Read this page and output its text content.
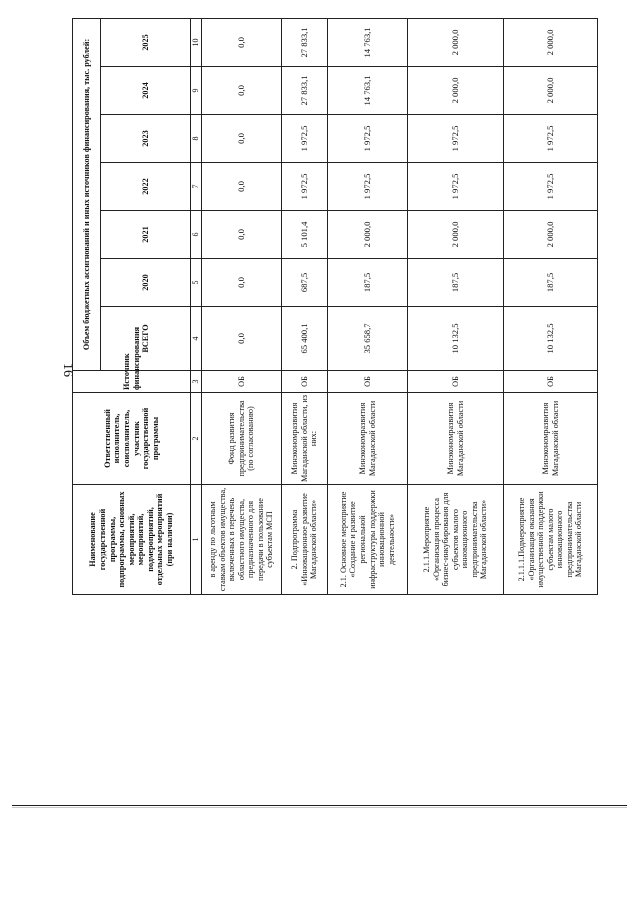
16
Наименование государственной программы, подпрограммы, основных мероприятий, мероприятий, подмероприятий, отдельных мероприятий (при наличии)	Ответственный исполнитель, соисполнитель, участник государственной программы	Источник финансирования	Объем бюджетных ассигнований и иных источников финансирования, тыс. рублей:						
			ВСЕГО	2020	2021	2022	2023	2024	2025
1	2	3	4	5	6	7	8	9	10
в аренду по льготным ставкам объектов имущества, включенных в перечень областного имущества, предназначенного для передачи в пользование субъектам МСП	Фонд развития предпринимательства (по согласованию)	ОБ	0,0	0,0	0,0	0,0	0,0	0,0	0,0
2. Подпрограмма «Инновационное развитие Магаданской области»	Минэкономразвития Магаданской области, из них:	ОБ	65 400,1	687,5	5 101,4	1 972,5	1 972,5	27 833,1	27 833,1
2.1. Основное мероприятие «Создание и развитие региональной инфраструктуры поддержки инновационной деятельности»	Минэкономразвития Магаданской области	ОБ	35 658,7	187,5	2 000,0	1 972,5	1 972,5	14 763,1	14 763,1
2.1.1.Мероприятие «Организация процесса бизнес-инкубирования для субъектов малого инновационного предпринимательства Магаданской области»	Минэкономразвития Магаданской области	ОБ	10 132,5	187,5	2 000,0	1 972,5	1 972,5	2 000,0	2 000,0
2.1.1.1.Подмероприятие «Организация оказания имущественной поддержки субъектам малого инновационного предпринимательства Магаданской области	Минэкономразвития Магаданской области	ОБ	10 132,5	187,5	2 000,0	1 972,5	1 972,5	2 000,0	2 000,0
